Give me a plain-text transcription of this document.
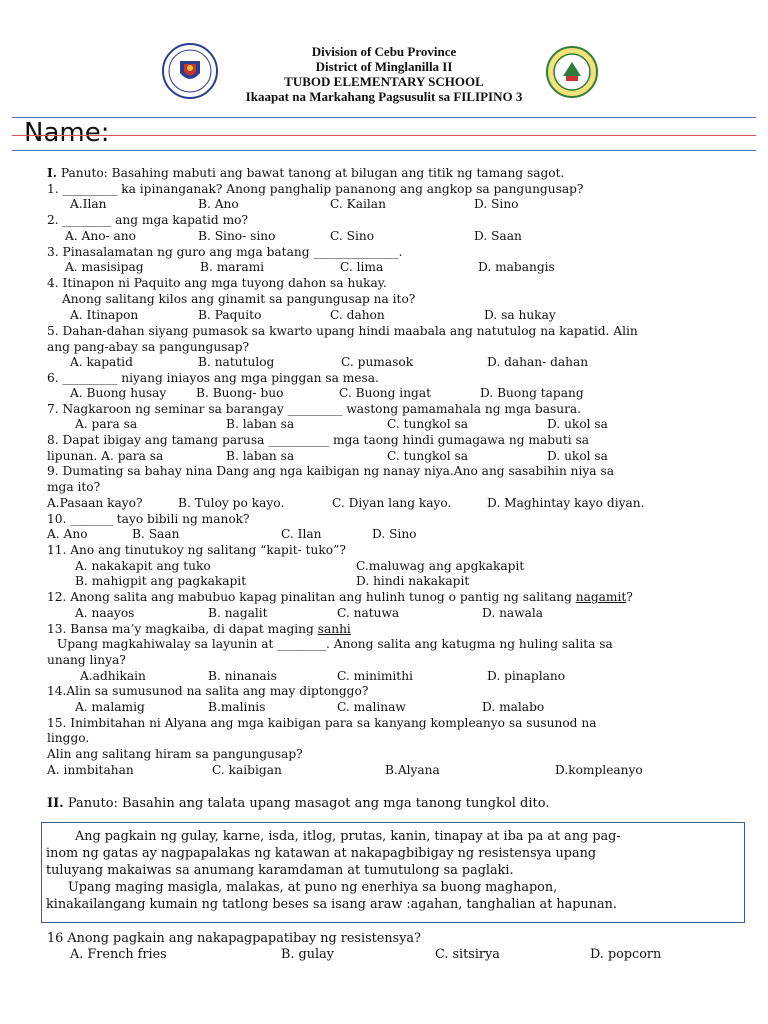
Division of Cebu Province
District of Minglanilla II
TUBOD ELEMENTARY SCHOOL
Ikaapat na Markahang Pagsusulit sa FILIPINO 3
Name:
I. Panuto: Basahing mabuti ang bawat tanong at bilugan ang titik ng tamang sagot.
1. _________ ka ipinanganak? Anong panghalip pananong ang angkop sa pangungusap?
A.Ilan	B. Ano	C. Kailan	D. Sino
2. ________ ang mga kapatid mo?
A. Ano- ano	B. Sino- sino	C. Sino	D. Saan
3. Pinasalamatan ng guro ang mga batang ______________.
A. masisipag	B. marami	C. lima	D. mabangis
4. Itinapon ni Paquito ang mga tuyong dahon sa hukay.
Anong salitang kilos ang ginamit sa pangungusap na ito?
A. Itinapon	B. Paquito	C. dahon	D. sa hukay
5. Dahan-dahan siyang pumasok sa kwarto upang hindi maabala ang natutulog na kapatid. Alin
ang pang-abay sa pangungusap?
A. kapatid	B. natutulog	C. pumasok	D. dahan- dahan
6. _________ niyang iniayos ang mga pinggan sa mesa.
A. Buong husay B. Buong- buo	C. Buong ingat	D. Buong tapang
7. Nagkaroon ng seminar sa barangay _________ wastong pamamahala ng mga basura.
A. para sa	B. laban sa	C. tungkol sa	D. ukol sa
8. Dapat ibigay ang tamang parusa __________ mga taong hindi gumagawa ng mabuti sa
lipunan. A. para sa	B. laban sa	C. tungkol sa	D. ukol sa
9. Dumating sa bahay nina Dang ang nga kaibigan ng nanay niya.Ano ang sasabihin niya sa
mga ito?
A.Pasaan kayo?	B. Tuloy po kayo.	C. Diyan lang kayo.	D. Maghintay kayo diyan.
10. _______ tayo bibili ng manok?
A. Ano	B. Saan	C. Ilan	D. Sino
11. Ano ang tinutukoy ng salitang “kapit- tuko”?
A. nakakapit ang tuko	C.maluwag ang apgkakapit
B. mahigpit ang pagkakapit	D. hindi nakakapit
12. Anong salita ang mabubuo kapag pinalitan ang hulinh tunog o pantig ng salitang nagamit?
A. naayos	B. nagalit	C. natuwa	D. nawala
13. Bansa ma’y magkaiba, di dapat maging sanhi
Upang magkahiwalay sa layunin at ________. Anong salita ang katugma ng huling salita sa
unang linya?
A.adhikain	B. ninanais	C. minimithi	D. pinaplano
14.Alin sa sumusunod na salita ang may diptonggo?
A. malamig	B.malinis	C. malinaw	D. malabo
15. Inimbitahan ni Alyana ang mga kaibigan para sa kanyang kompleanyo sa susunod na
linggo.
Alin ang salitang hiram sa pangungusap?
A. inmbitahan	C. kaibigan	B.Alyana	D.kompleanyo
II. Panuto: Basahin ang talata upang masagot ang mga tanong tungkol dito.
Ang pagkain ng gulay, karne, isda, itlog, prutas, kanin, tinapay at iba pa at ang pag-
inom ng gatas ay nagpapalakas ng katawan at nakapagbibigay ng resistensya upang
tuluyang makaiwas sa anumang karamdaman at tumutulong sa paglaki.
Upang maging masigla, malakas, at puno ng enerhiya sa buong maghapon,
kinakailangang kumain ng tatlong beses sa isang araw :agahan, tanghalian at hapunan.
16 Anong pagkain ang nakapagpapatibay ng resistensya?
A. French fries	B. gulay	C. sitsirya	D. popcorn
